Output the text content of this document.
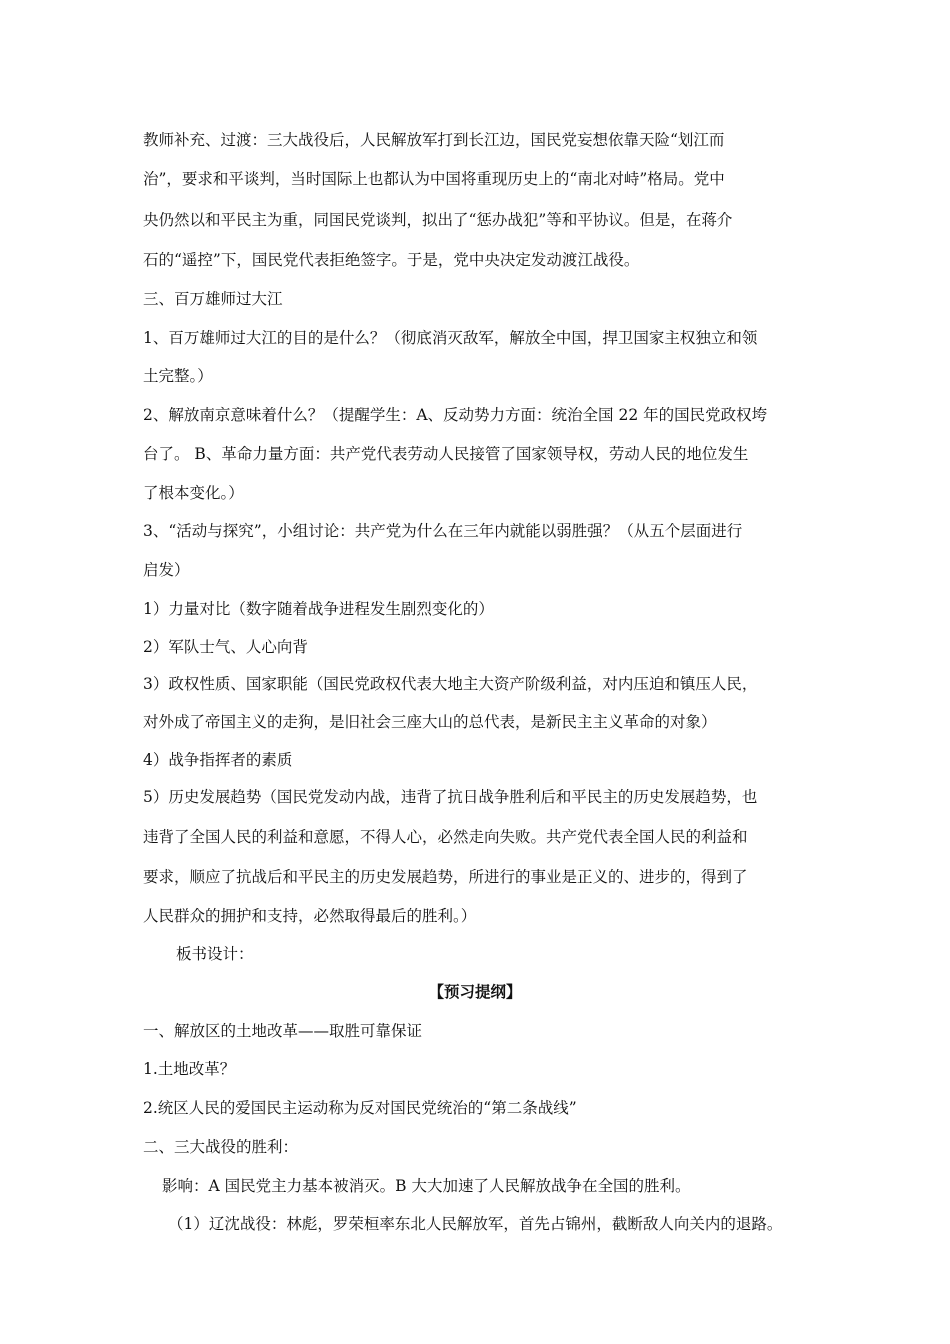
教师补充、过渡：三大战役后，人民解放军打到长江边，国民党妄想依靠天险“划江而
治”，要求和平谈判，当时国际上也都认为中国将重现历史上的“南北对峙”格局。党中
央仍然以和平民主为重，同国民党谈判，拟出了“惩办战犯”等和平协议。但是，在蒋介
石的“遥控”下，国民党代表拒绝签字。于是，党中央决定发动渡江战役。
三、百万雄师过大江
1、百万雄师过大江的目的是什么？（彻底消灭敌军，解放全中国，捍卫国家主权独立和领
土完整。）
2、解放南京意味着什么？（提醒学生：A、反动势力方面：统治全国 22 年的国民党政权垮
台了。 B、革命力量方面：共产党代表劳动人民接管了国家领导权，劳动人民的地位发生
了根本变化。）
3、“活动与探究”，小组讨论：共产党为什么在三年内就能以弱胜强？（从五个层面进行
启发）
1）力量对比（数字随着战争进程发生剧烈变化的）
2）军队士气、人心向背
3）政权性质、国家职能（国民党政权代表大地主大资产阶级利益，对内压迫和镇压人民，
对外成了帝国主义的走狗，是旧社会三座大山的总代表，是新民主主义革命的对象）
4）战争指挥者的素质
5）历史发展趋势（国民党发动内战，违背了抗日战争胜利后和平民主的历史发展趋势，也
违背了全国人民的利益和意愿，不得人心，必然走向失败。共产党代表全国人民的利益和
要求，顺应了抗战后和平民主的历史发展趋势，所进行的事业是正义的、进步的，得到了
人民群众的拥护和支持，必然取得最后的胜利。）
板书设计：
【预习提纲】
一、解放区的土地改革——取胜可靠保证
1.土地改革？
2.统区人民的爱国民主运动称为反对国民党统治的“第二条战线”
二、三大战役的胜利：
影响：A 国民党主力基本被消灭。B 大大加速了人民解放战争在全国的胜利。
（1）辽沈战役：林彪，罗荣桓率东北人民解放军，首先占锦州，截断敌人向关内的退路。
